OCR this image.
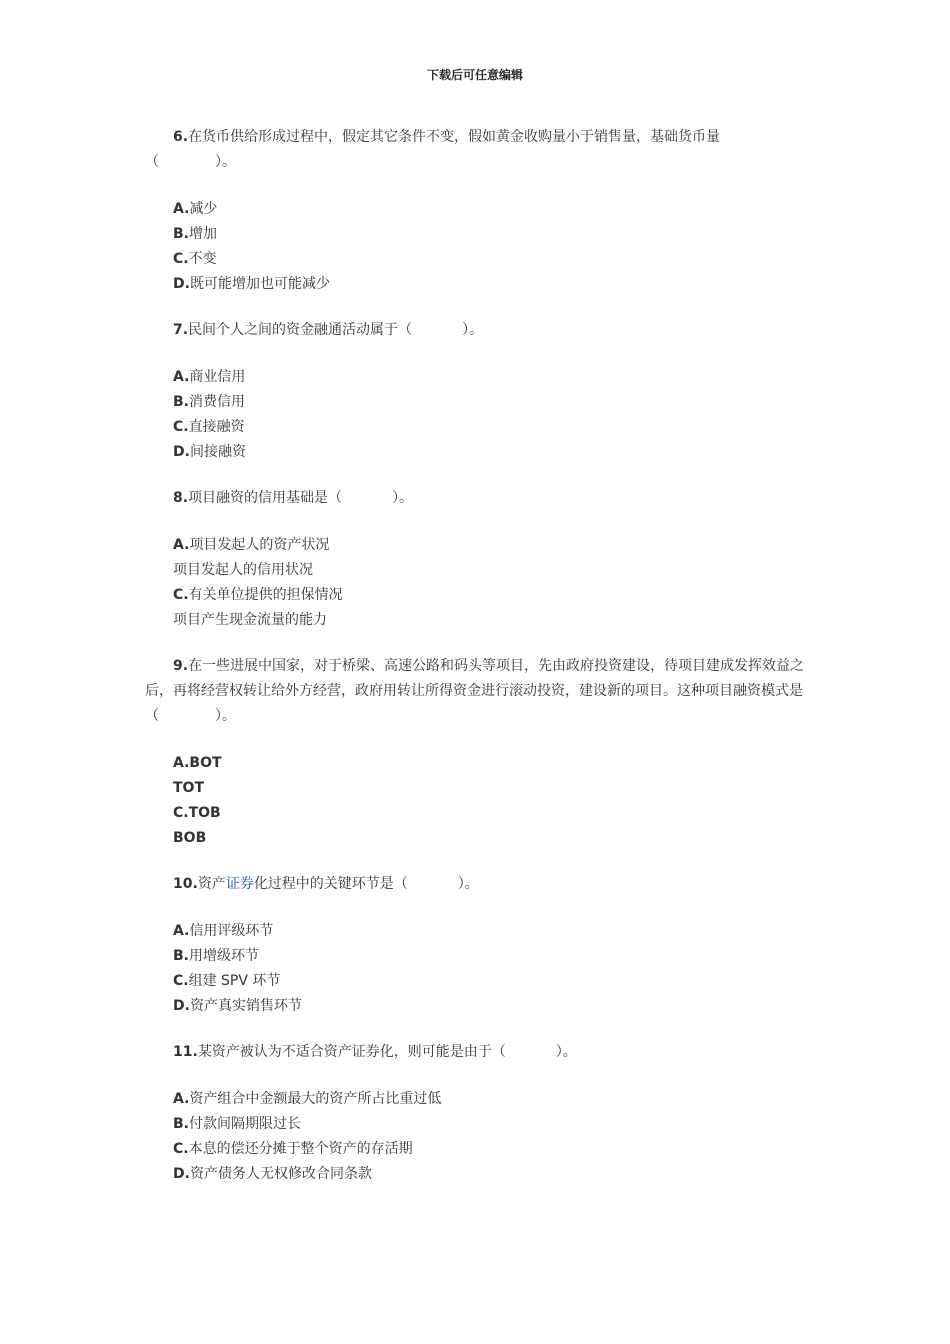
下载后可任意编辑

6.在货币供给形成过程中，假定其它条件不变，假如黄金收购量小于销售量，基础货币量（　　　　）。

A.减少
B.增加
C.不变
D.既可能增加也可能减少

7.民间个人之间的资金融通活动属于（	）。

A.商业信用
B.消费信用
C.直接融资
D.间接融资

8.项目融资的信用基础是（	）。

A.项目发起人的资产状况
项目发起人的信用状况
C.有关单位提供的担保情况
项目产生现金流量的能力

9.在一些进展中国家，对于桥梁、高速公路和码头等项目，先由政府投资建设，待项目建成发挥效益之后，再将经营权转让给外方经营，政府用转让所得资金进行滚动投资，建设新的项目。这种项目融资模式是（　　　　）。

A.BOT
TOT
C.TOB
BOB

10.资产证券化过程中的关键环节是（	）。

A.信用评级环节
B.用增级环节
C.组建 SPV 环节
D.资产真实销售环节

11.某资产被认为不适合资产证券化，则可能是由于（	）。

A.资产组合中金额最大的资产所占比重过低
B.付款间隔期限过长
C.本息的偿还分摊于整个资产的存活期
D.资产债务人无权修改合同条款
